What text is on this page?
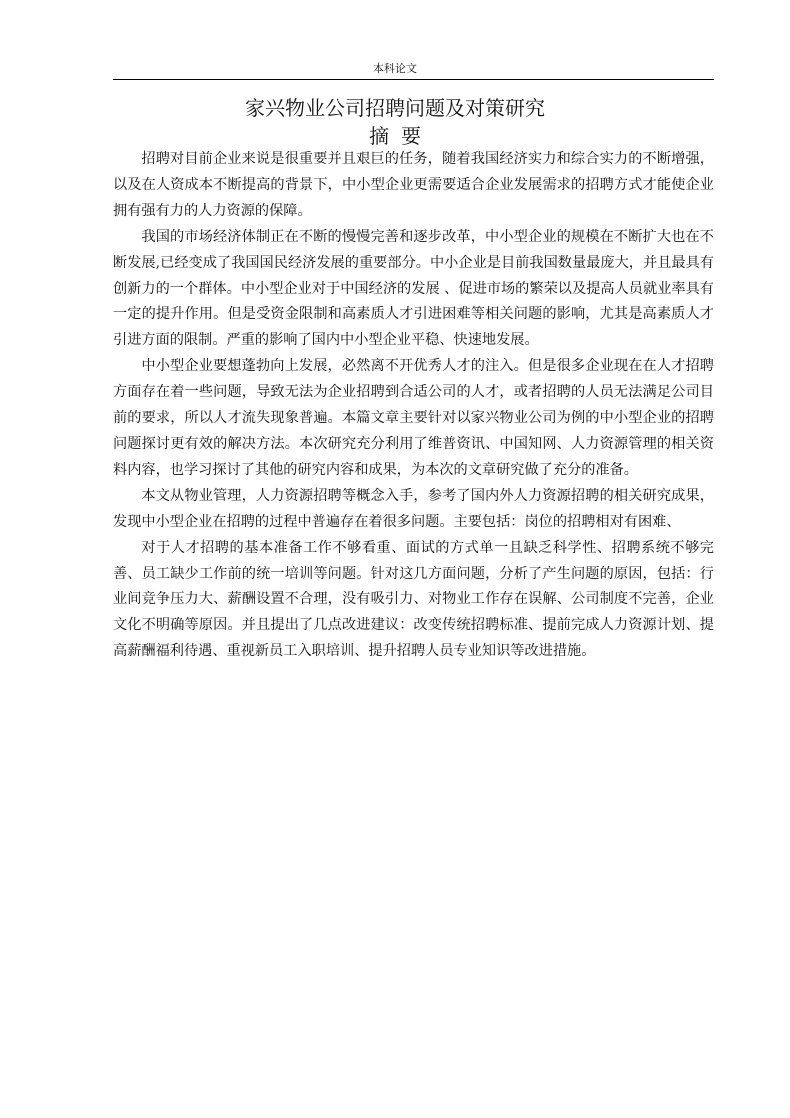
本科论文
家兴物业公司招聘问题及对策研究
摘要

招聘对目前企业来说是很重要并且艰巨的任务，随着我国经济实力和综合实力的不断增强，以及在人资成本不断提高的背景下，中小型企业更需要适合企业发展需求的招聘方式才能使企业拥有强有力的人力资源的保障。

我国的市场经济体制正在不断的慢慢完善和逐步改革，中小型企业的规模在不断扩大也在不断发展,已经变成了我国国民经济发展的重要部分。中小企业是目前我国数量最庞大，并且最具有创新力的一个群体。中小型企业对于中国经济的发展 、促进市场的繁荣以及提高人员就业率具有一定的提升作用。但是受资金限制和高素质人才引进困难等相关问题的影响，尤其是高素质人才引进方面的限制。严重的影响了国内中小型企业平稳、快速地发展。

中小型企业要想蓬勃向上发展，必然离不开优秀人才的注入。但是很多企业现在在人才招聘方面存在着一些问题，导致无法为企业招聘到合适公司的人才，或者招聘的人员无法满足公司目前的要求，所以人才流失现象普遍。本篇文章主要针对以家兴物业公司为例的中小型企业的招聘问题探讨更有效的解决方法。本次研究充分利用了维普资讯、中国知网、人力资源管理的相关资料内容，也学习探讨了其他的研究内容和成果，为本次的文章研究做了充分的准备。

本文从物业管理，人力资源招聘等概念入手，参考了国内外人力资源招聘的相关研究成果，发现中小型企业在招聘的过程中普遍存在着很多问题。主要包括：岗位的招聘相对有困难、

对于人才招聘的基本准备工作不够看重、面试的方式单一且缺乏科学性、招聘系统不够完善、员工缺少工作前的统一培训等问题。针对这几方面问题，分析了产生问题的原因，包括：行业间竞争压力大、薪酬设置不合理，没有吸引力、对物业工作存在误解、公司制度不完善，企业文化不明确等原因。并且提出了几点改进建议：改变传统招聘标准、提前完成人力资源计划、提高薪酬福利待遇、重视新员工入职培训、提升招聘人员专业知识等改进措施。
